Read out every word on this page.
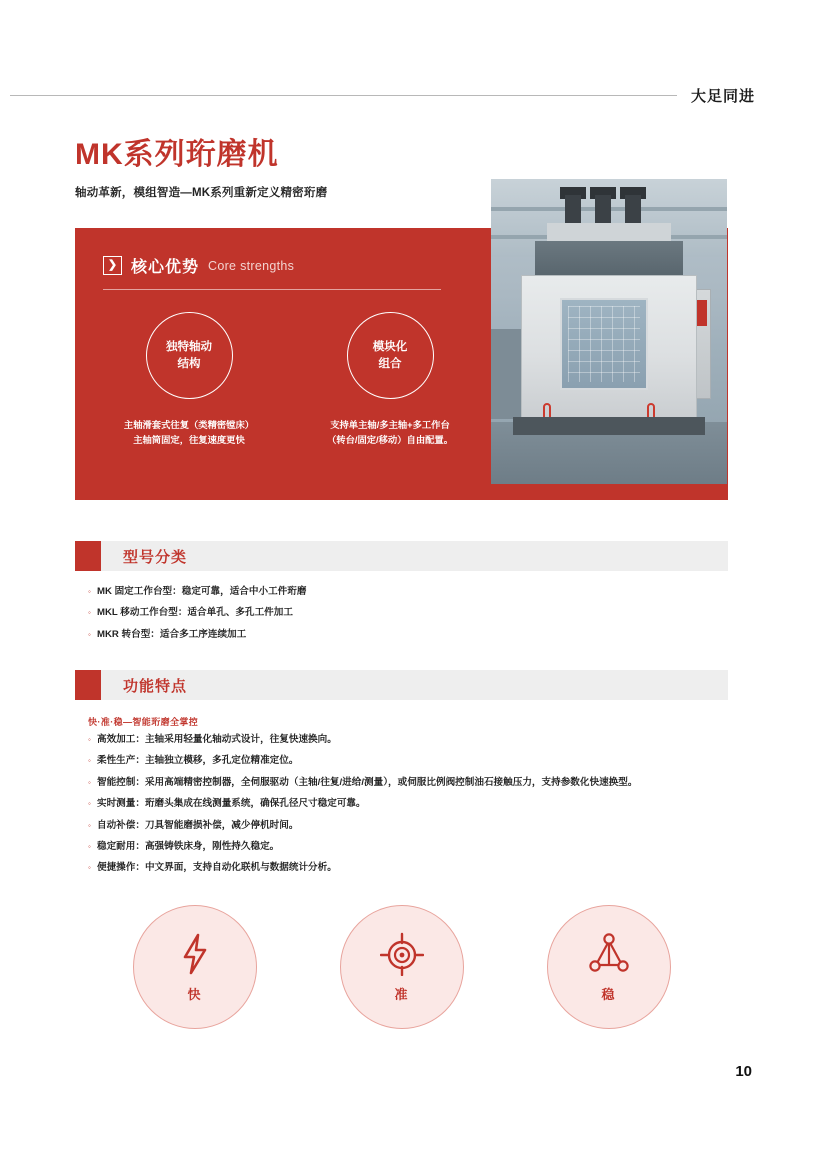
大足同进
MK系列珩磨机
轴动革新，模组智造—MK系列重新定义精密珩磨
❯ 核心优势 Core strengths
独特轴动
结构
主轴滑套式往复（类精密镗床）
主轴筒固定，往复速度更快
模块化
组合
支持单主轴/多主轴+多工作台
（转台/固定/移动）自由配置。
型号分类
◦ MK 固定工作台型：稳定可靠，适合中小工件珩磨
◦ MKL 移动工作台型：适合单孔、多孔工件加工
◦ MKR 转台型：适合多工序连续加工
功能特点
快·准·稳—智能珩磨全掌控
◦ 高效加工：主轴采用轻量化轴动式设计，往复快速换向。
◦ 柔性生产：主轴独立模移，多孔定位精准定位。
◦ 智能控制：采用高端精密控制器，全伺服驱动（主轴/往复/进给/测量），或伺服比例阀控制油石接触压力，支持参数化快速换型。
◦ 实时测量：珩磨头集成在线测量系统，确保孔径尺寸稳定可靠。
◦ 自动补偿：刀具智能磨损补偿，减少停机时间。
◦ 稳定耐用：高强铸铁床身，刚性持久稳定。
◦ 便捷操作：中文界面，支持自动化联机与数据统计分析。
快	准	稳
10
